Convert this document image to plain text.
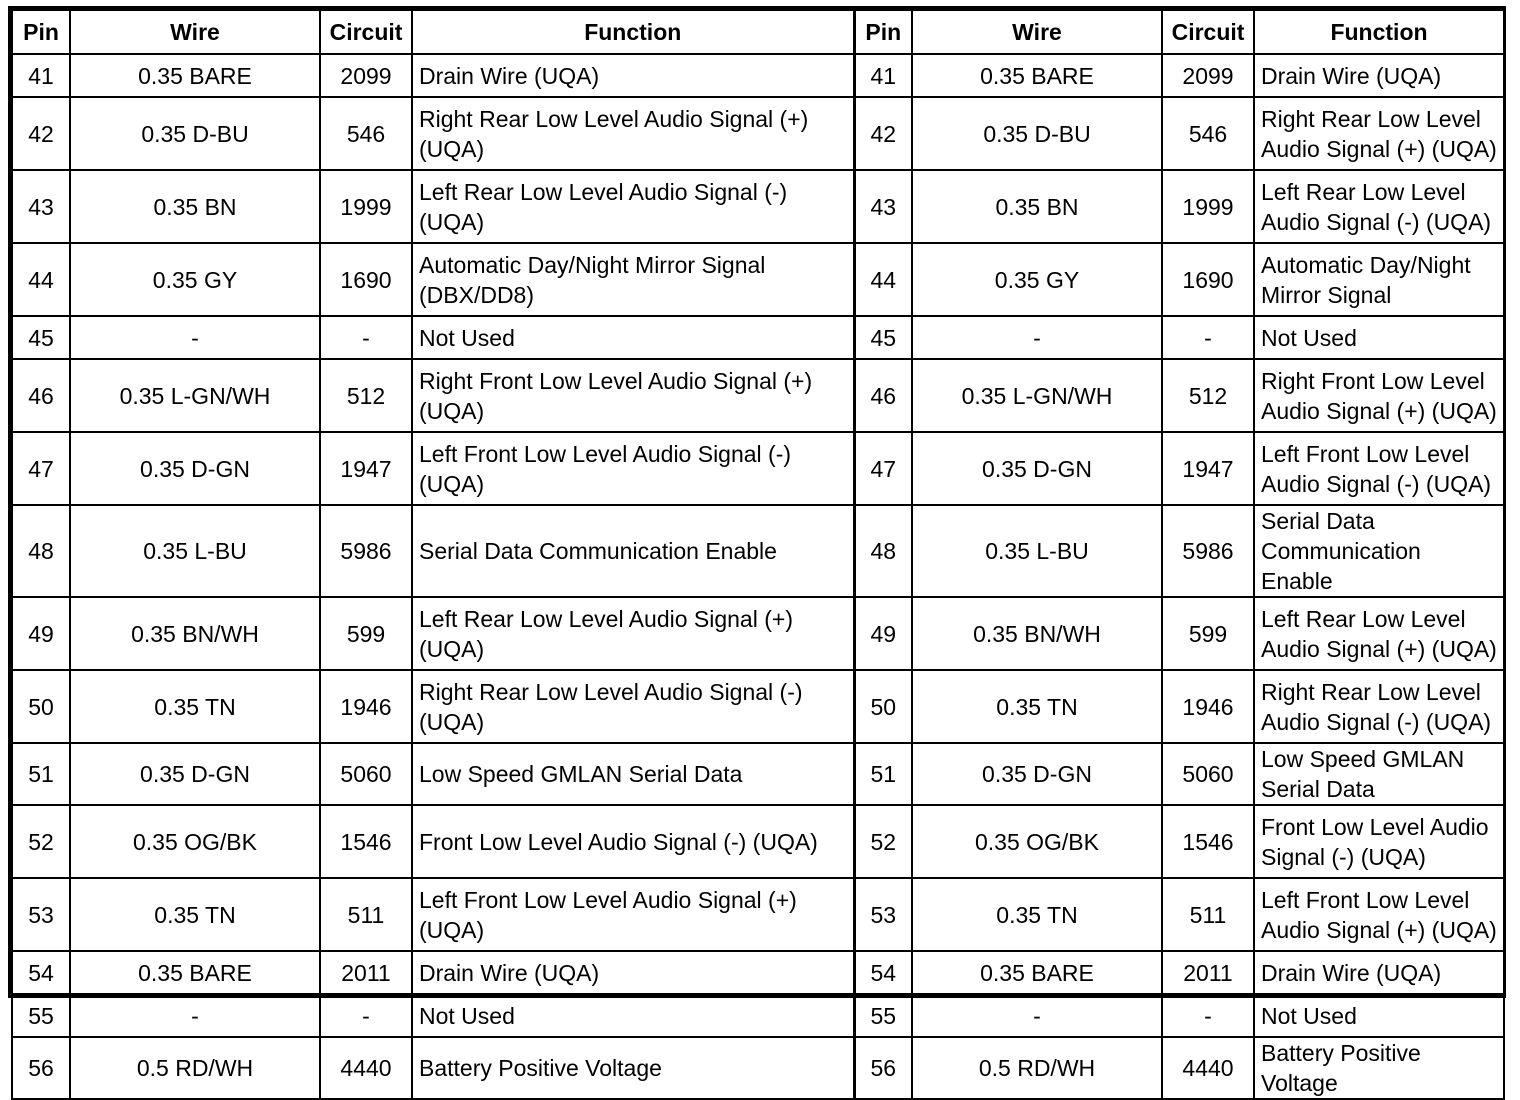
Pin	Wire	Circuit	Function	Pin	Wire	Circuit	Function
41	0.35 BARE	2099	Drain Wire (UQA)	41	0.35 BARE	2099	Drain Wire (UQA)
42	0.35 D-BU	546	Right Rear Low Level Audio Signal (+) (UQA)	42	0.35 D-BU	546	Right Rear Low Level Audio Signal (+) (UQA)
43	0.35 BN	1999	Left Rear Low Level Audio Signal (-) (UQA)	43	0.35 BN	1999	Left Rear Low Level Audio Signal (-) (UQA)
44	0.35 GY	1690	Automatic Day/Night Mirror Signal (DBX/DD8)	44	0.35 GY	1690	Automatic Day/Night Mirror Signal
45	-	-	Not Used	45	-	-	Not Used
46	0.35 L-GN/WH	512	Right Front Low Level Audio Signal (+) (UQA)	46	0.35 L-GN/WH	512	Right Front Low Level Audio Signal (+) (UQA)
47	0.35 D-GN	1947	Left Front Low Level Audio Signal (-) (UQA)	47	0.35 D-GN	1947	Left Front Low Level Audio Signal (-) (UQA)
48	0.35 L-BU	5986	Serial Data Communication Enable	48	0.35 L-BU	5986	Serial Data Communication Enable
49	0.35 BN/WH	599	Left Rear Low Level Audio Signal (+) (UQA)	49	0.35 BN/WH	599	Left Rear Low Level Audio Signal (+) (UQA)
50	0.35 TN	1946	Right Rear Low Level Audio Signal (-) (UQA)	50	0.35 TN	1946	Right Rear Low Level Audio Signal (-) (UQA)
51	0.35 D-GN	5060	Low Speed GMLAN Serial Data	51	0.35 D-GN	5060	Low Speed GMLAN Serial Data
52	0.35 OG/BK	1546	Front Low Level Audio Signal (-) (UQA)	52	0.35 OG/BK	1546	Front Low Level Audio Signal (-) (UQA)
53	0.35 TN	511	Left Front Low Level Audio Signal (+) (UQA)	53	0.35 TN	511	Left Front Low Level Audio Signal (+) (UQA)
54	0.35 BARE	2011	Drain Wire (UQA)	54	0.35 BARE	2011	Drain Wire (UQA)
55	-	-	Not Used	55	-	-	Not Used
56	0.5 RD/WH	4440	Battery Positive Voltage	56	0.5 RD/WH	4440	Battery Positive Voltage
